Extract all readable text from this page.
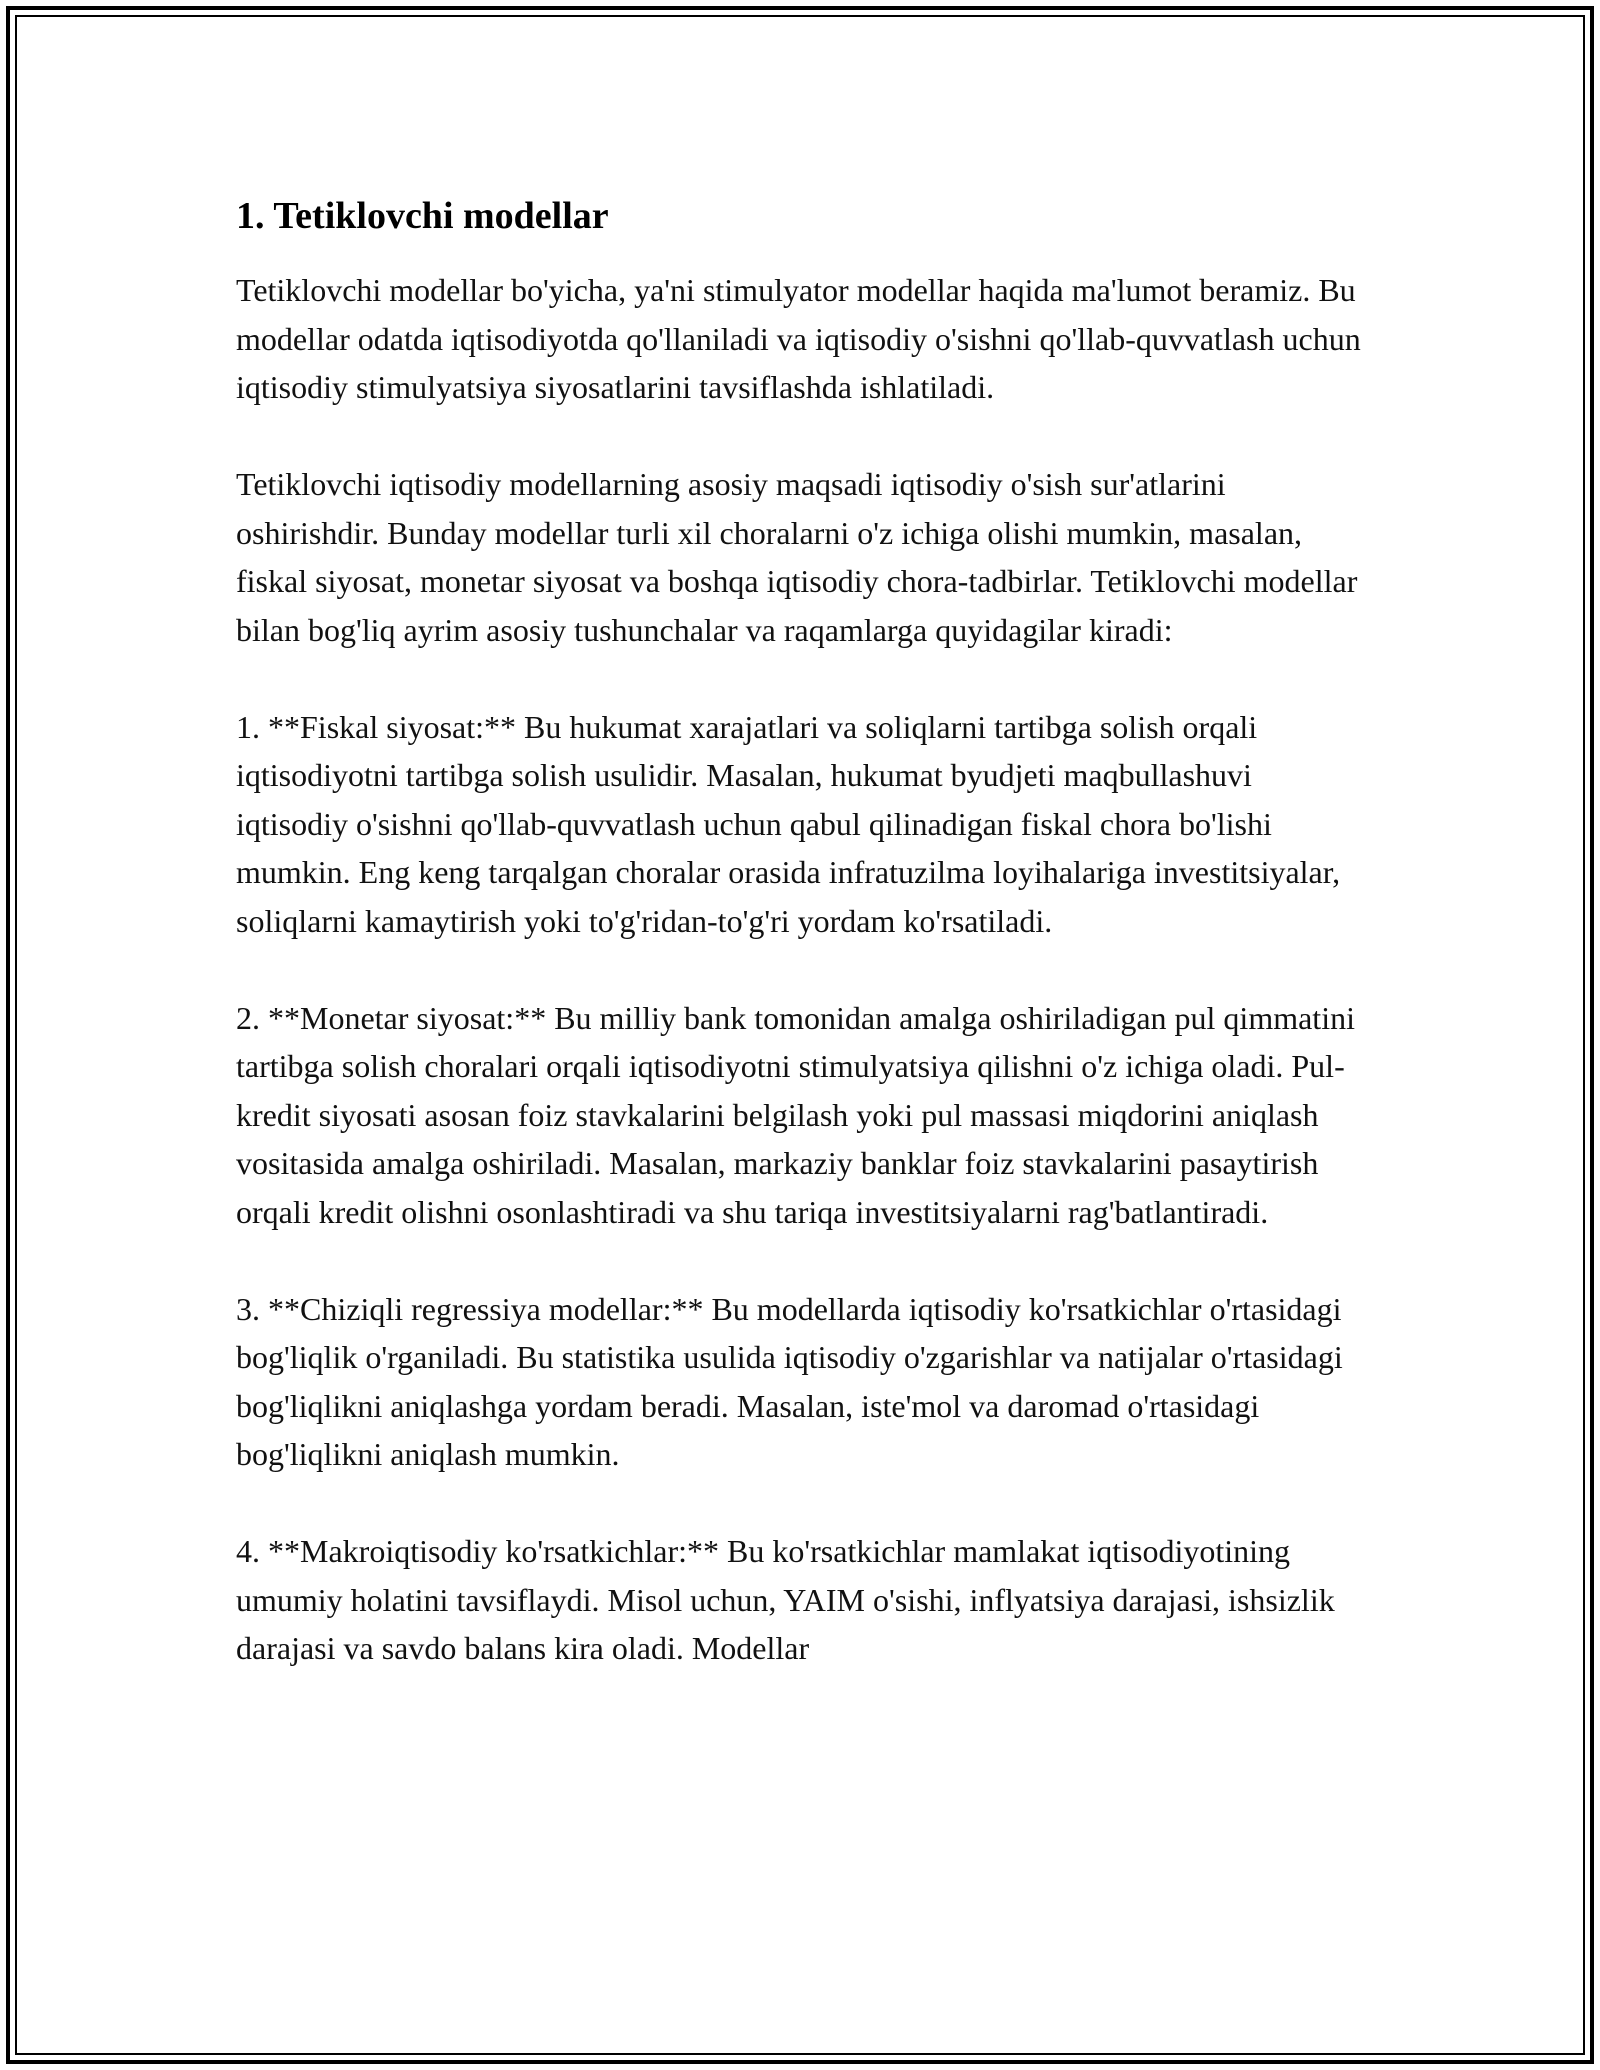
1. Tetiklovchi modellar

Tetiklovchi modellar bo'yicha, ya'ni stimulyator modellar haqida ma'lumot beramiz. Bu modellar odatda iqtisodiyotda qo'llaniladi va iqtisodiy o'sishni qo'llab-quvvatlash uchun iqtisodiy stimulyatsiya siyosatlarini tavsiflashda ishlatiladi.

Tetiklovchi iqtisodiy modellarning asosiy maqsadi iqtisodiy o'sish sur'atlarini oshirishdir. Bunday modellar turli xil choralarni o'z ichiga olishi mumkin, masalan, fiskal siyosat, monetar siyosat va boshqa iqtisodiy chora-tadbirlar. Tetiklovchi modellar bilan bog'liq ayrim asosiy tushunchalar va raqamlarga quyidagilar kiradi:

1. **Fiskal siyosat:** Bu hukumat xarajatlari va soliqlarni tartibga solish orqali iqtisodiyotni tartibga solish usulidir. Masalan, hukumat byudjeti maqbullashuvi iqtisodiy o'sishni qo'llab-quvvatlash uchun qabul qilinadigan fiskal chora bo'lishi mumkin. Eng keng tarqalgan choralar orasida infratuzilma loyihalariga investitsiyalar, soliqlarni kamaytirish yoki to'g'ridan-to'g'ri yordam ko'rsatiladi.

2. **Monetar siyosat:** Bu milliy bank tomonidan amalga oshiriladigan pul qimmatini tartibga solish choralari orqali iqtisodiyotni stimulyatsiya qilishni o'z ichiga oladi. Pul-kredit siyosati asosan foiz stavkalarini belgilash yoki pul massasi miqdorini aniqlash vositasida amalga oshiriladi. Masalan, markaziy banklar foiz stavkalarini pasaytirish orqali kredit olishni osonlashtiradi va shu tariqa investitsiyalarni rag'batlantiradi.

3. **Chiziqli regressiya modellar:** Bu modellarda iqtisodiy ko'rsatkichlar o'rtasidagi bog'liqlik o'rganiladi. Bu statistika usulida iqtisodiy o'zgarishlar va natijalar o'rtasidagi bog'liqlikni aniqlashga yordam beradi. Masalan, iste'mol va daromad o'rtasidagi bog'liqlikni aniqlash mumkin.

4. **Makroiqtisodiy ko'rsatkichlar:** Bu ko'rsatkichlar mamlakat iqtisodiyotining umumiy holatini tavsiflaydi. Misol uchun, YAIM o'sishi, inflyatsiya darajasi, ishsizlik darajasi va savdo balans kira oladi. Modellar
